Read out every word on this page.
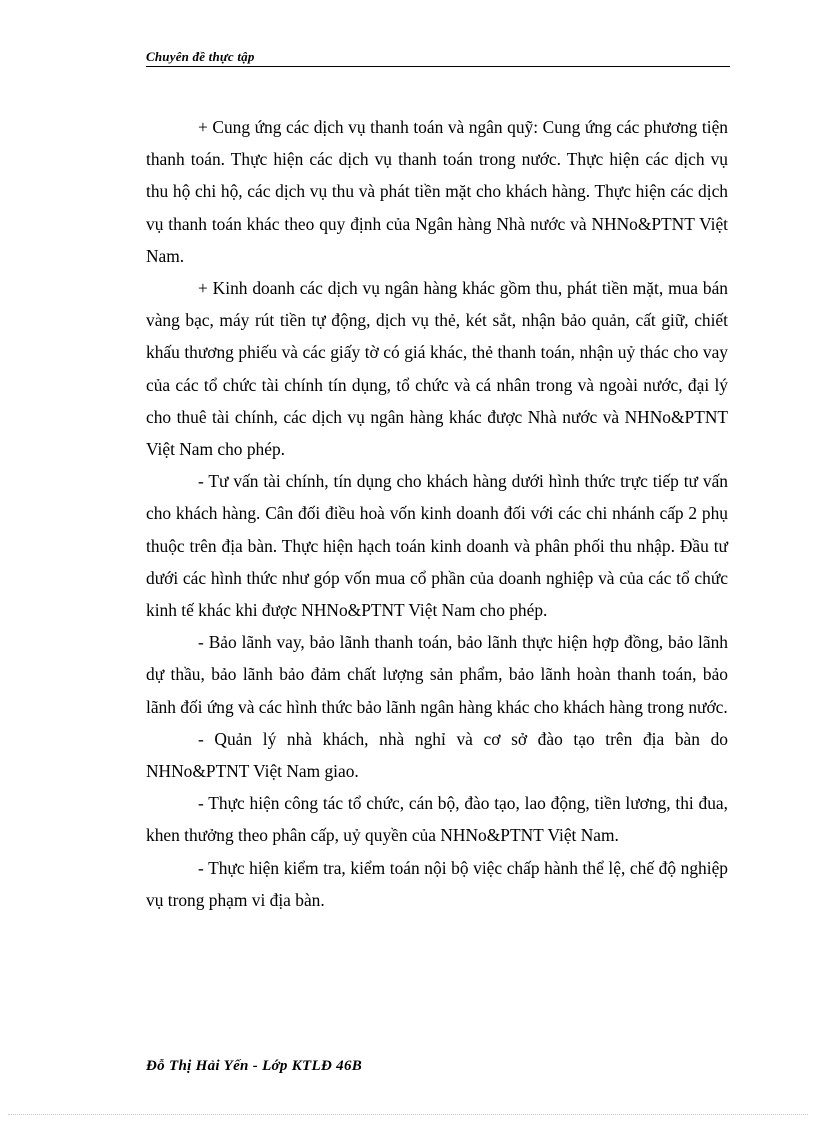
Chuyên đề thực tập

+ Cung ứng các dịch vụ thanh toán và ngân quỹ: Cung ứng các phương tiện thanh toán. Thực hiện các dịch vụ thanh toán trong nước. Thực hiện các dịch vụ thu hộ chi hộ, các dịch vụ thu và phát tiền mặt cho khách hàng. Thực hiện các dịch vụ thanh toán khác theo quy định của Ngân hàng Nhà nước và NHNo&PTNT Việt Nam.

+ Kinh doanh các dịch vụ ngân hàng khác gồm thu, phát tiền mặt, mua bán vàng bạc, máy rút tiền tự động, dịch vụ thẻ, két sắt, nhận bảo quản, cất giữ, chiết khấu thương phiếu và các giấy tờ có giá khác, thẻ thanh toán, nhận uỷ thác cho vay của các tổ chức tài chính tín dụng, tổ chức và cá nhân trong và ngoài nước, đại lý cho thuê tài chính, các dịch vụ ngân hàng khác được Nhà nước và NHNo&PTNT Việt Nam cho phép.

- Tư vấn tài chính, tín dụng cho khách hàng dưới hình thức trực tiếp tư vấn cho khách hàng. Cân đối điều hoà vốn kinh doanh đối với các chi nhánh cấp 2 phụ thuộc trên địa bàn. Thực hiện hạch toán kinh doanh và phân phối thu nhập. Đầu tư dưới các hình thức như góp vốn mua cổ phần của doanh nghiệp và của các tổ chức kinh tế khác khi được NHNo&PTNT Việt Nam cho phép.

- Bảo lãnh vay, bảo lãnh thanh toán, bảo lãnh thực hiện hợp đồng, bảo lãnh dự thầu, bảo lãnh bảo đảm chất lượng sản phẩm, bảo lãnh hoàn thanh toán, bảo lãnh đối ứng và các hình thức bảo lãnh ngân hàng khác cho khách hàng trong nước.

- Quản lý nhà khách, nhà nghỉ và cơ sở đào tạo trên địa bàn do NHNo&PTNT Việt Nam giao.

- Thực hiện công tác tổ chức, cán bộ, đào tạo, lao động, tiền lương, thi đua, khen thưởng theo phân cấp, uỷ quyền của NHNo&PTNT Việt Nam.

- Thực hiện kiểm tra, kiểm toán nội bộ việc chấp hành thể lệ, chế độ nghiệp vụ trong phạm vi địa bàn.

Đỗ Thị Hải Yến - Lớp KTLĐ 46B
